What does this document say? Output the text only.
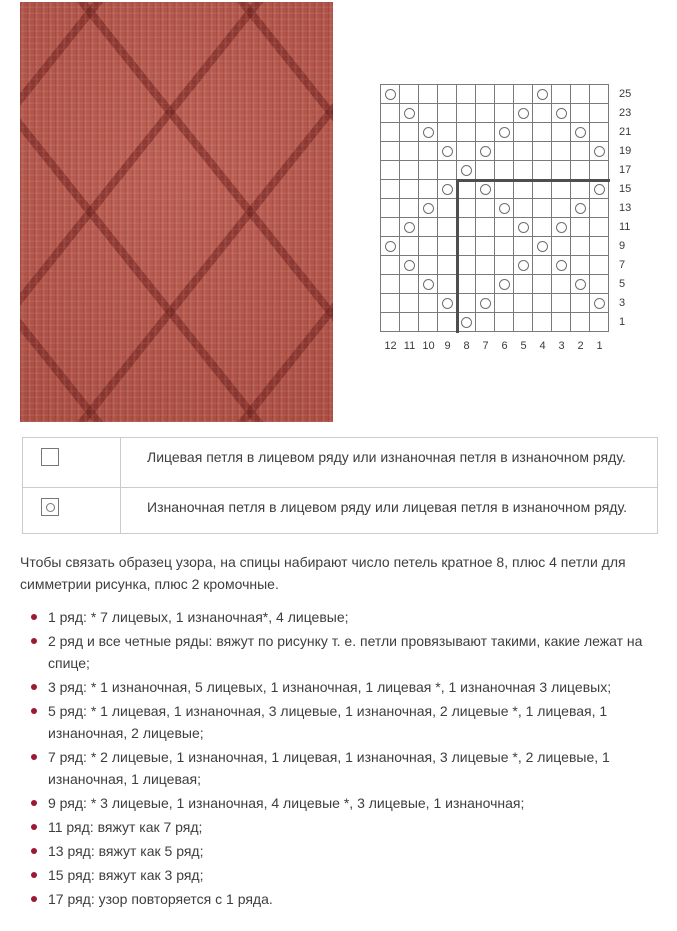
25
23
21
19
17
15
13
11
9
7
5
3
1
12 11 10 9	8	7	6	5	4	3	2	1
Лицевая петля в лицевом ряду или изнаночная петля в изнаночном ряду.
Изнаночная петля в лицевом ряду или лицевая петля в изнаночном ряду.

Чтобы связать образец узора, на спицы набирают число петель кратное 8, плюс 4 петли для симметрии рисунка, плюс 2 кромочные.

1 ряд: * 7 лицевых, 1 изнаночная*, 4 лицевые;
2 ряд и все четные ряды: вяжут по рисунку т. е. петли провязывают такими, какие лежат на спице;
3 ряд: * 1 изнаночная, 5 лицевых, 1 изнаночная, 1 лицевая *, 1 изнаночная 3 лицевых;
5 ряд: * 1 лицевая, 1 изнаночная, 3 лицевые, 1 изнаночная, 2 лицевые *, 1 лицевая, 1 изнаночная, 2 лицевые;
7 ряд: * 2 лицевые, 1 изнаночная, 1 лицевая, 1 изнаночная, 3 лицевые *, 2 лицевые, 1 изнаночная, 1 лицевая;
9 ряд: * 3 лицевые, 1 изнаночная, 4 лицевые *, 3 лицевые, 1 изнаночная;
11 ряд: вяжут как 7 ряд;
13 ряд: вяжут как 5 ряд;
15 ряд: вяжут как 3 ряд;
17 ряд: узор повторяется с 1 ряда.
